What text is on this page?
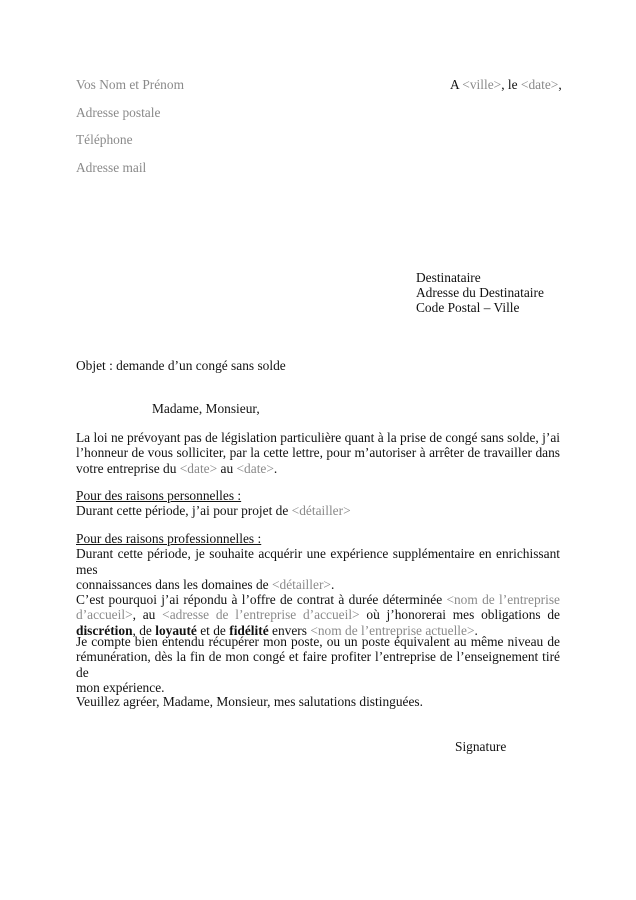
Vos Nom et Prénom
Adresse postale
Téléphone
Adresse mail
A <ville>, le <date>,
Destinataire
Adresse du Destinataire
Code Postal – Ville
Objet : demande d’un congé sans solde
Madame, Monsieur,
La loi ne prévoyant pas de législation particulière quant à la prise de congé sans solde, j’ai
l’honneur de vous solliciter, par la cette lettre, pour m’autoriser à arrêter de travailler dans
votre entreprise du <date> au <date>.
Pour des raisons personnelles :
Durant cette période, j’ai pour projet de <détailler>
Pour des raisons professionnelles :
Durant cette période, je souhaite acquérir une expérience supplémentaire en enrichissant mes
connaissances dans les domaines de <détailler>.
C’est pourquoi j’ai répondu à l’offre de contrat à durée déterminée <nom de l’entreprise
d’accueil>, au <adresse de l’entreprise d’accueil> où j’honorerai mes obligations de
discrétion, de loyauté et de fidélité envers <nom de l’entreprise actuelle>.
Je compte bien entendu récupérer mon poste, ou un poste équivalent au même niveau de
rémunération, dès la fin de mon congé et faire profiter l’entreprise de l’enseignement tiré de
mon expérience.
Veuillez agréer, Madame, Monsieur, mes salutations distinguées.
Signature
